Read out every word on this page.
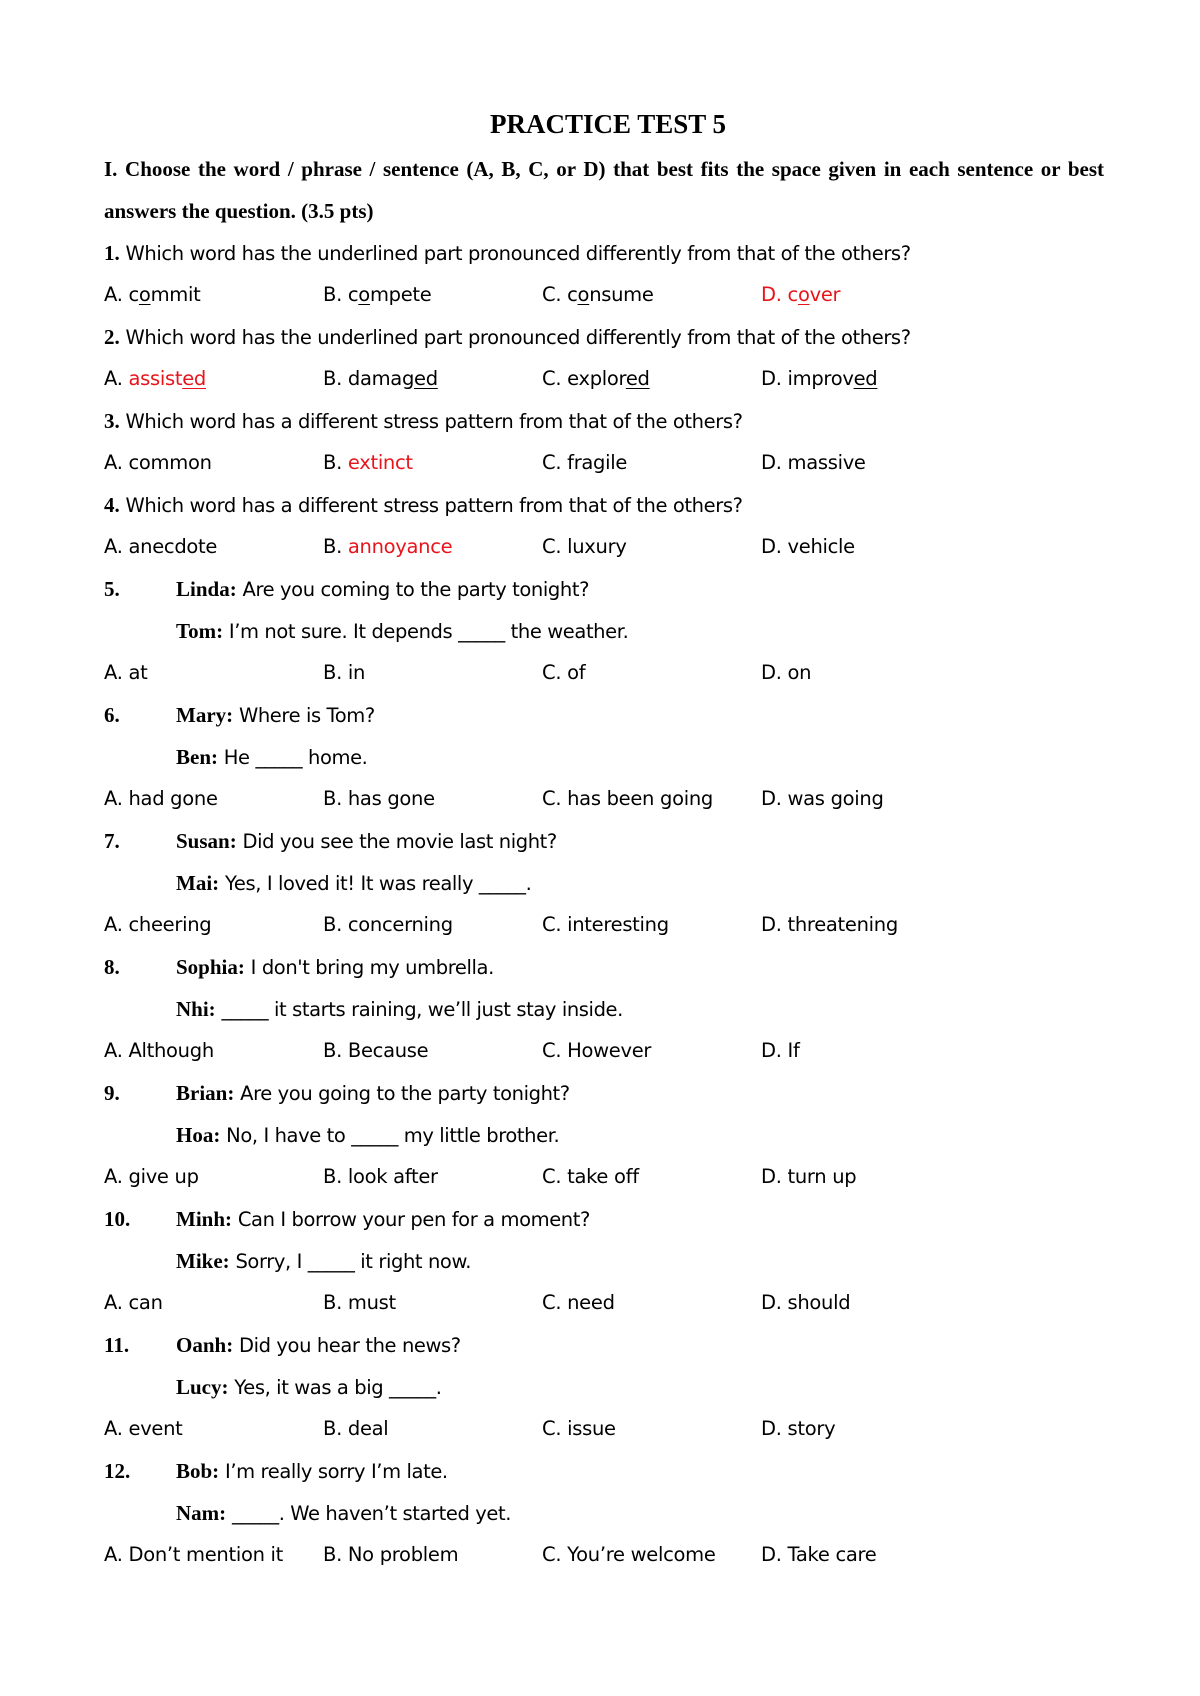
PRACTICE TEST 5
I. Choose the word / phrase / sentence (A, B, C, or D) that best fits the space given in each sentence or best answers the question. (3.5 pts)
1. Which word has the underlined part pronounced differently from that of the others?
A. commit	B. compete	C. consume	D. cover
2. Which word has the underlined part pronounced differently from that of the others?
A. assisted	B. damaged	C. explored	D. improved
3. Which word has a different stress pattern from that of the others?
A. common	B. extinct	C. fragile	D. massive
4. Which word has a different stress pattern from that of the others?
A. anecdote	B. annoyance	C. luxury	D. vehicle
5.	Linda: Are you coming to the party tonight?
Tom: I’m not sure. It depends _____ the weather.
A. at	B. in	C. of	D. on
6.	Mary: Where is Tom?
Ben: He _____ home.
A. had gone	B. has gone	C. has been going	D. was going
7.	Susan: Did you see the movie last night?
Mai: Yes, I loved it! It was really _____.
A. cheering	B. concerning	C. interesting	D. threatening
8.	Sophia: I don't bring my umbrella.
Nhi: _____ it starts raining, we’ll just stay inside.
A. Although	B. Because	C. However	D. If
9.	Brian: Are you going to the party tonight?
Hoa: No, I have to _____ my little brother.
A. give up	B. look after	C. take off	D. turn up
10. Minh: Can I borrow your pen for a moment?
Mike: Sorry, I _____ it right now.
A. can	B. must	C. need	D. should
11. Oanh: Did you hear the news?
Lucy: Yes, it was a big _____.
A. event	B. deal	C. issue	D. story
12. Bob: I’m really sorry I’m late.
Nam: _____. We haven’t started yet.
A. Don’t mention it	B. No problem	C. You’re welcome	D. Take care
